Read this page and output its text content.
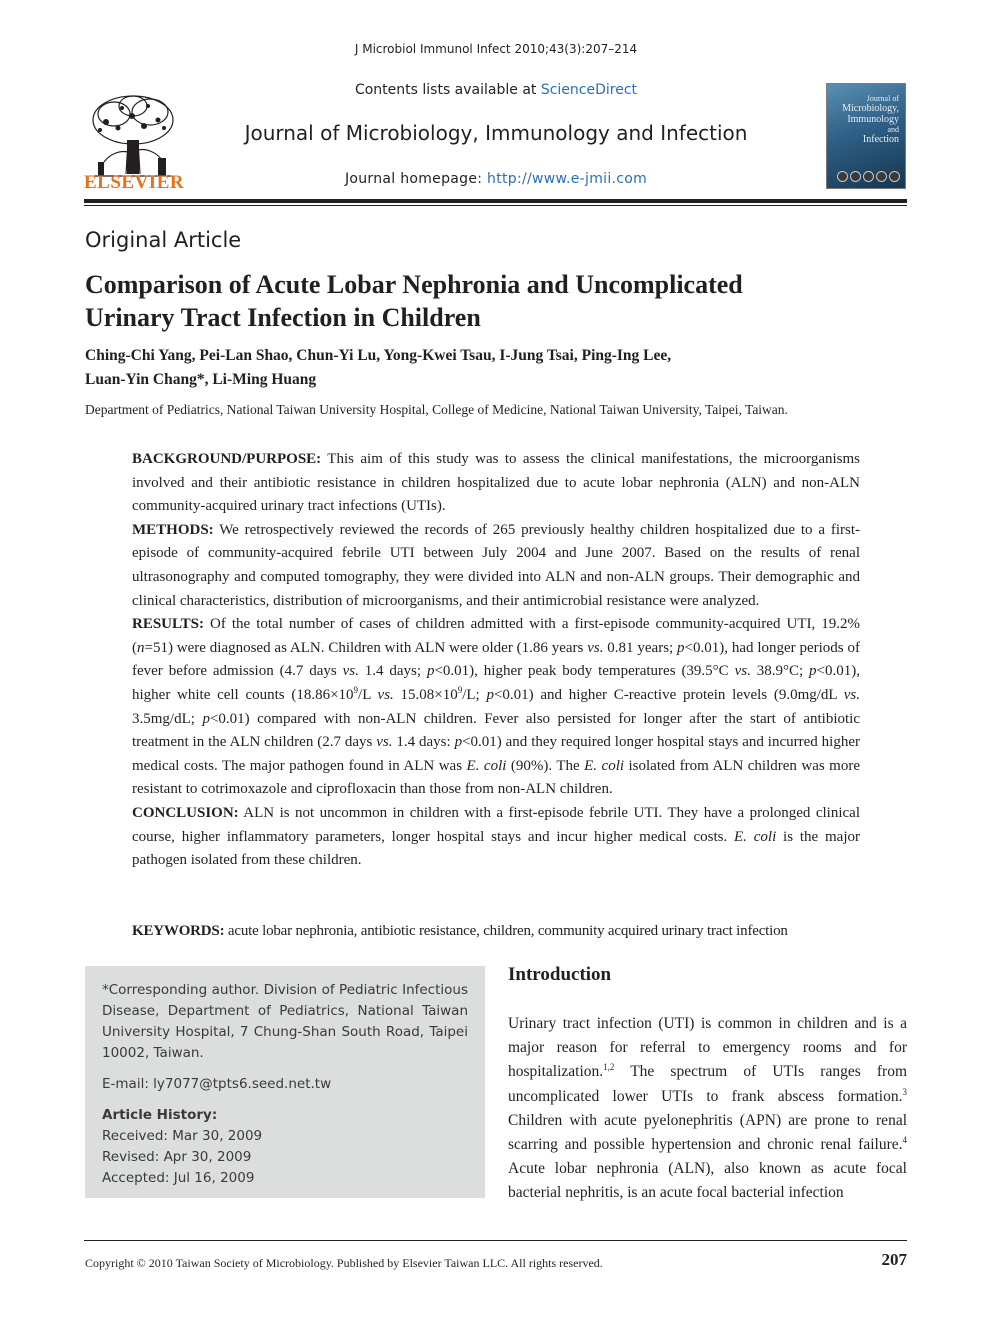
J Microbiol Immunol Infect 2010;43(3):207–214
ELSEVIER
Contents lists available at ScienceDirect
Journal of Microbiology, Immunology and Infection
Journal homepage: http://www.e-jmii.com
Journal of
Microbiology,
Immunology
and
Infection
Original Article
Comparison of Acute Lobar Nephronia and Uncomplicated
Urinary Tract Infection in Children
Ching-Chi Yang, Pei-Lan Shao, Chun-Yi Lu, Yong-Kwei Tsau, I-Jung Tsai, Ping-Ing Lee,
Luan-Yin Chang*, Li-Ming Huang
Department of Pediatrics, National Taiwan University Hospital, College of Medicine, National Taiwan University, Taipei, Taiwan.

BACKGROUND/PURPOSE: This aim of this study was to assess the clinical manifestations, the microorganisms involved and their antibiotic resistance in children hospitalized due to acute lobar nephronia (ALN) and non-ALN community-acquired urinary tract infections (UTIs).

METHODS: We retrospectively reviewed the records of 265 previously healthy children hospitalized due to a first-episode of community-acquired febrile UTI between July 2004 and June 2007. Based on the results of renal ultrasonography and computed tomography, they were divided into ALN and non-ALN groups. Their demographic and clinical characteristics, distribution of microorganisms, and their antimicrobial resistance were analyzed.

RESULTS: Of the total number of cases of children admitted with a first-episode community-acquired UTI, 19.2% (n=51) were diagnosed as ALN. Children with ALN were older (1.86 years vs. 0.81 years; p<0.01), had longer periods of fever before admission (4.7 days vs. 1.4 days; p<0.01), higher peak body temperatures (39.5°C vs. 38.9°C; p<0.01), higher white cell counts ($18.86\times 10^9/L$ vs. $15.08\times 10^9/L$; p<0.01) and higher C-reactive protein levels (9.0mg/dL vs. 3.5mg/dL; p<0.01) compared with non-ALN children. Fever also persisted for longer after the start of antibiotic treatment in the ALN children (2.7 days vs. 1.4 days: p<0.01) and they required longer hospital stays and incurred higher medical costs. The major pathogen found in ALN was E. coli (90%). The E. coli isolated from ALN children was more resistant to cotrimoxazole and ciprofloxacin than those from non-ALN children.

CONCLUSION: ALN is not uncommon in children with a first-episode febrile UTI. They have a prolonged clinical course, higher inflammatory parameters, longer hospital stays and incur higher medical costs. E. coli is the major pathogen isolated from these children.

KEYWORDS: acute lobar nephronia, antibiotic resistance, children, community acquired urinary tract infection

*Corresponding author. Division of Pediatric Infectious Disease, Department of Pediatrics, National Taiwan University Hospital, 7 Chung-Shan South Road, Taipei 10002, Taiwan.

E-mail: ly7077@tpts6.seed.net.tw

Article History:
Received: Mar 30, 2009
Revised: Apr 30, 2009
Accepted: Jul 16, 2009
Introduction
Urinary tract infection (UTI) is common in children and is a major reason for referral to emergency rooms and for hospitalization.$^{1,2}$ The spectrum of UTIs ranges from uncomplicated lower UTIs to frank abscess formation.$^3$ Children with acute pyelonephritis (APN) are prone to renal scarring and possible hypertension and chronic renal failure.$^4$ Acute lobar nephronia (ALN), also known as acute focal bacterial nephritis, is an acute focal bacterial infection
Copyright © 2010 Taiwan Society of Microbiology. Published by Elsevier Taiwan LLC. All rights reserved.	207
